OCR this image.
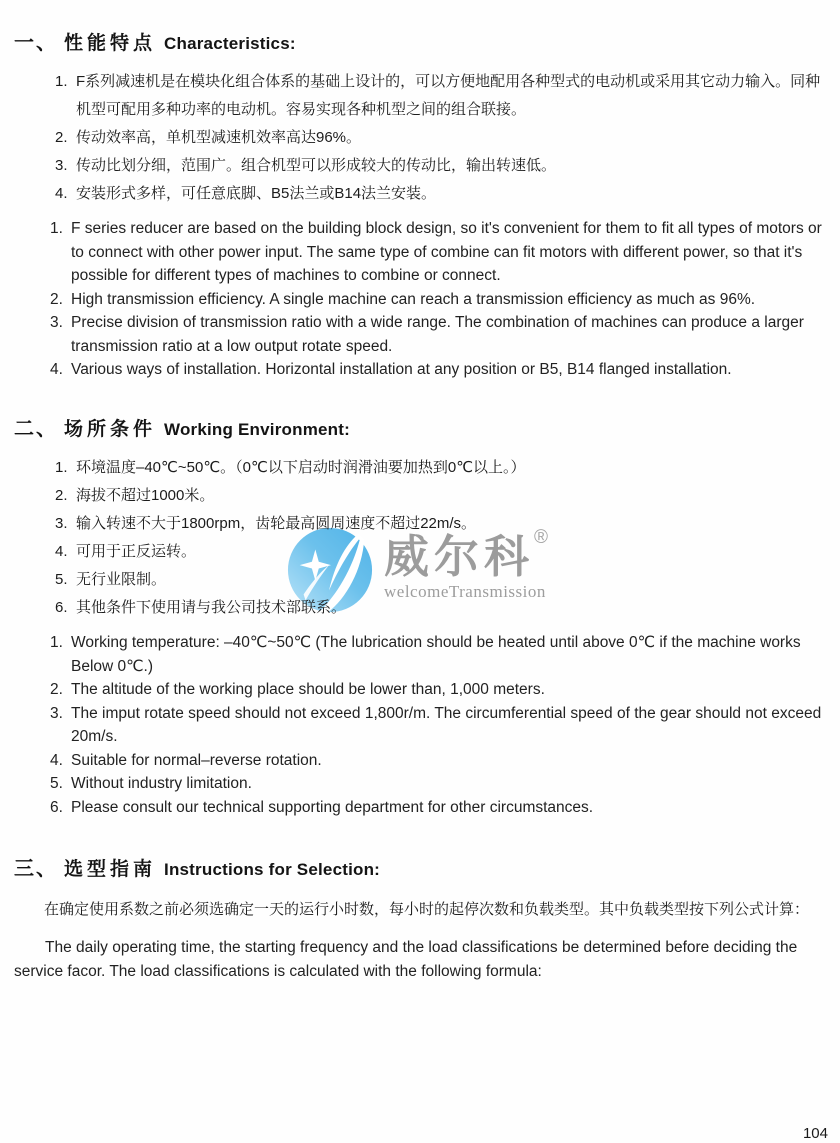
威尔科 ®
welcomeTransmission
一、 性能特点 Characteristics:
1. F系列减速机是在模块化组合体系的基础上设计的，可以方便地配用各种型式的电动机或采用其它动力输入。同种机型可配用多种功率的电动机。容易实现各种机型之间的组合联接。
2. 传动效率高，单机型减速机效率高达96%。
3. 传动比划分细，范围广。组合机型可以形成较大的传动比，输出转速低。
4. 安装形式多样，可任意底脚、B5法兰或B14法兰安装。
1. F series reducer are based on the building block design, so it's convenient for them to fit all types of motors or to connect with other power input. The same type of combine can fit motors with different power, so that it's possible for different types of machines to combine or connect.
2. High transmission efficiency. A single machine can reach a transmission efficiency as much as 96%.
3. Precise division of transmission ratio with a wide range. The combination of machines can produce a larger transmission ratio at a low output rotate speed.
4. Various ways of installation. Horizontal installation at any position or B5, B14 flanged installation.
二、 场所条件 Working Environment:
1. 环境温度–40℃~50℃。（0℃以下启动时润滑油要加热到0℃以上。）
2. 海拔不超过1000米。
3. 输入转速不大于1800rpm，齿轮最高圆周速度不超过22m/s。
4. 可用于正反运转。
5. 无行业限制。
6. 其他条件下使用请与我公司技术部联系。
1. Working temperature: –40℃~50℃ (The lubrication should be heated until above 0℃ if the machine works Below 0℃.)
2. The altitude of the working place should be lower than, 1,000 meters.
3. The imput rotate speed should not exceed 1,800r/m. The circumferential speed of the gear should not exceed 20m/s.
4. Suitable for normal–reverse rotation.
5. Without industry limitation.
6. Please consult our technical supporting department for other circumstances.
三、 选型指南 Instructions for Selection:

在确定使用系数之前必须选确定一天的运行小时数，每小时的起停次数和负载类型。其中负载类型按下列公式计算：

The daily operating time, the starting frequency and the load classifications be determined before deciding the service facor. The load classifications is calculated with the following formula:

104
